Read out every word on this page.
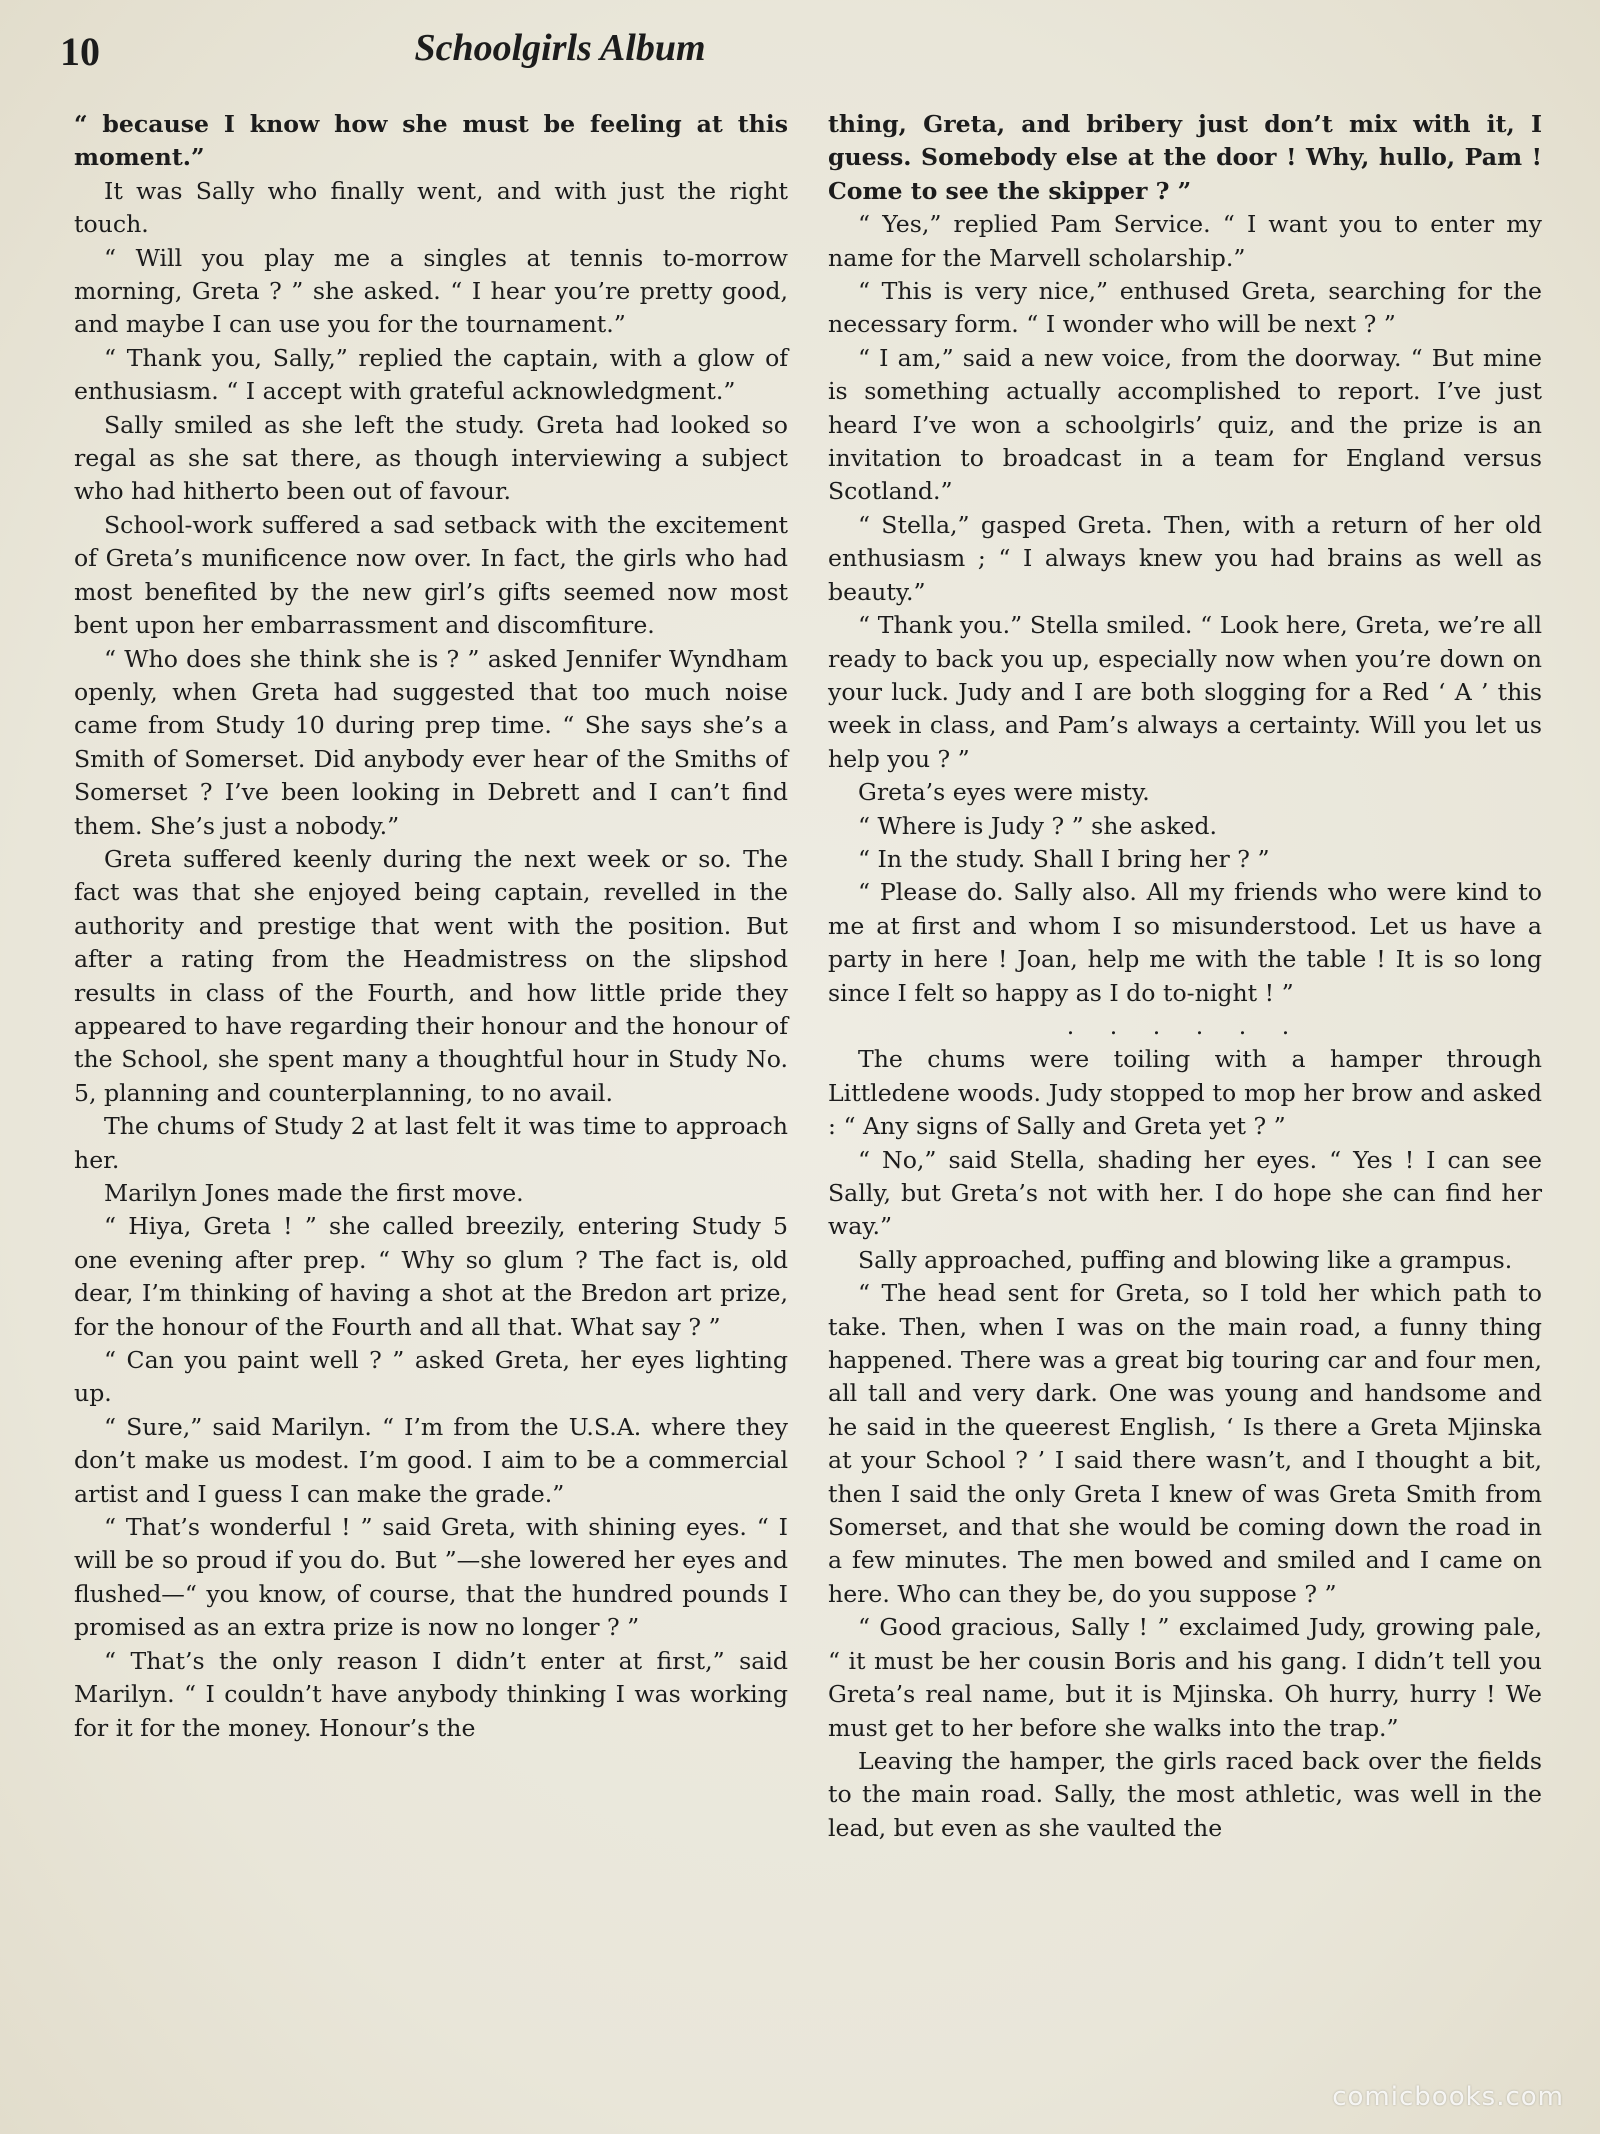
10	Schoolgirls Album

“ because I know how she must be feeling at this moment.”

It was Sally who finally went, and with just the right touch.

“ Will you play me a singles at tennis to-morrow morning, Greta ? ” she asked. “ I hear you’re pretty good, and maybe I can use you for the tournament.”

“ Thank you, Sally,” replied the captain, with a glow of enthusiasm. “ I accept with grateful acknowledgment.”

Sally smiled as she left the study. Greta had looked so regal as she sat there, as though interviewing a subject who had hitherto been out of favour.

School-work suffered a sad setback with the excitement of Greta’s munificence now over. In fact, the girls who had most benefited by the new girl’s gifts seemed now most bent upon her embarrassment and discomfiture.

“ Who does she think she is ? ” asked Jennifer Wyndham openly, when Greta had suggested that too much noise came from Study 10 during prep time. “ She says she’s a Smith of Somerset. Did anybody ever hear of the Smiths of Somerset ? I’ve been looking in Debrett and I can’t find them. She’s just a nobody.”

Greta suffered keenly during the next week or so. The fact was that she enjoyed being captain, revelled in the authority and prestige that went with the position. But after a rating from the Headmistress on the slipshod results in class of the Fourth, and how little pride they appeared to have regarding their honour and the honour of the School, she spent many a thoughtful hour in Study No. 5, planning and counterplanning, to no avail.

The chums of Study 2 at last felt it was time to approach her.

Marilyn Jones made the first move.

“ Hiya, Greta ! ” she called breezily, entering Study 5 one evening after prep. “ Why so glum ? The fact is, old dear, I’m thinking of having a shot at the Bredon art prize, for the honour of the Fourth and all that. What say ? ”

“ Can you paint well ? ” asked Greta, her eyes lighting up.

“ Sure,” said Marilyn. “ I’m from the U.S.A. where they don’t make us modest. I’m good. I aim to be a commercial artist and I guess I can make the grade.”

“ That’s wonderful ! ” said Greta, with shining eyes. “ I will be so proud if you do. But ”—she lowered her eyes and flushed—“ you know, of course, that the hundred pounds I promised as an extra prize is now no longer ? ”

“ That’s the only reason I didn’t enter at first,” said Marilyn. “ I couldn’t have anybody thinking I was working for it for the money. Honour’s the

thing, Greta, and bribery just don’t mix with it, I guess. Somebody else at the door ! Why, hullo, Pam ! Come to see the skipper ? ”

“ Yes,” replied Pam Service. “ I want you to enter my name for the Marvell scholarship.”

“ This is very nice,” enthused Greta, searching for the necessary form. “ I wonder who will be next ? ”

“ I am,” said a new voice, from the doorway. “ But mine is something actually accomplished to report. I’ve just heard I’ve won a schoolgirls’ quiz, and the prize is an invitation to broadcast in a team for England versus Scotland.”

“ Stella,” gasped Greta. Then, with a return of her old enthusiasm ; “ I always knew you had brains as well as beauty.”

“ Thank you.” Stella smiled. “ Look here, Greta, we’re all ready to back you up, especially now when you’re down on your luck. Judy and I are both slogging for a Red ‘ A ’ this week in class, and Pam’s always a certainty. Will you let us help you ? ”

Greta’s eyes were misty.

“ Where is Judy ? ” she asked.

“ In the study. Shall I bring her ? ”

“ Please do. Sally also. All my friends who were kind to me at first and whom I so misunderstood. Let us have a party in here ! Joan, help me with the table ! It is so long since I felt so happy as I do to-night ! ”

. . . . . .

The chums were toiling with a hamper through Littledene woods. Judy stopped to mop her brow and asked : “ Any signs of Sally and Greta yet ? ”

“ No,” said Stella, shading her eyes. “ Yes ! I can see Sally, but Greta’s not with her. I do hope she can find her way.”

Sally approached, puffing and blowing like a grampus.

“ The head sent for Greta, so I told her which path to take. Then, when I was on the main road, a funny thing happened. There was a great big touring car and four men, all tall and very dark. One was young and handsome and he said in the queerest English, ‘ Is there a Greta Mjinska at your School ? ’ I said there wasn’t, and I thought a bit, then I said the only Greta I knew of was Greta Smith from Somerset, and that she would be coming down the road in a few minutes. The men bowed and smiled and I came on here. Who can they be, do you suppose ? ”

“ Good gracious, Sally ! ” exclaimed Judy, growing pale, “ it must be her cousin Boris and his gang. I didn’t tell you Greta’s real name, but it is Mjinska. Oh hurry, hurry ! We must get to her before she walks into the trap.”

Leaving the hamper, the girls raced back over the fields to the main road. Sally, the most athletic, was well in the lead, but even as she vaulted the

comicbooks.com
